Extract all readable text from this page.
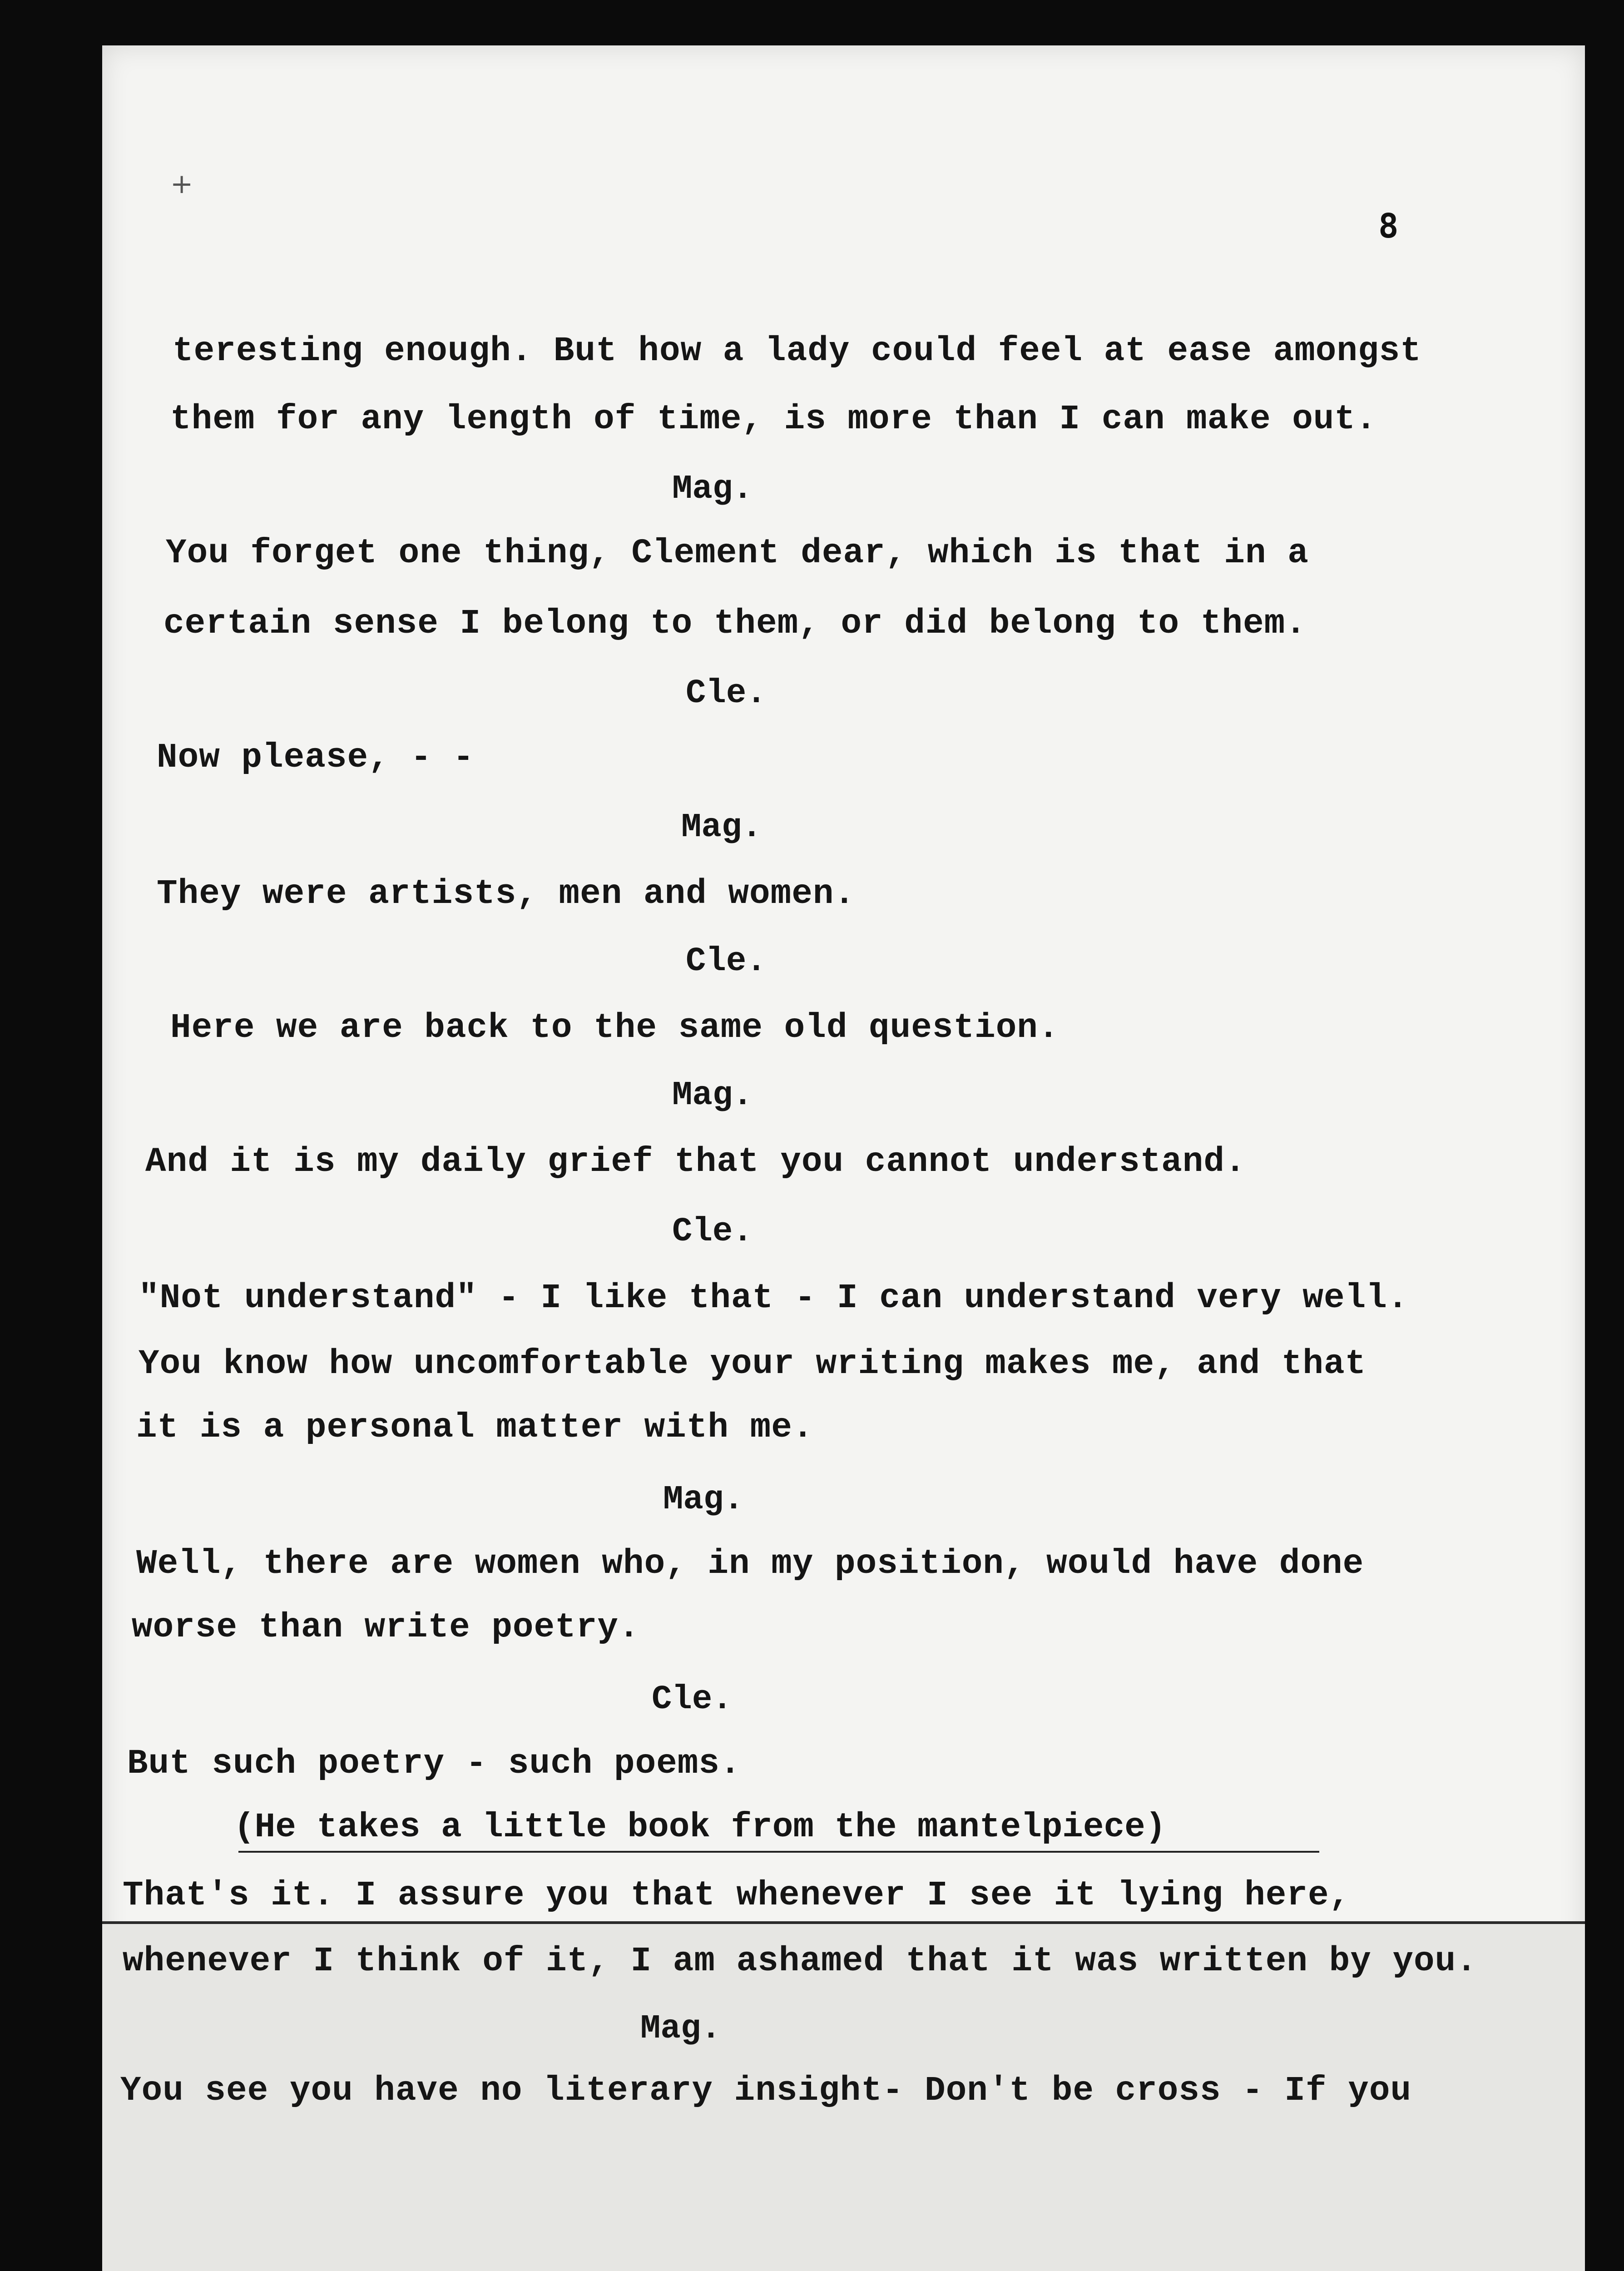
+
8
teresting enough. But how a lady could feel at ease amongst
them for any length of time, is more than I can make out.
Mag.
You forget one thing, Clement dear, which is that in a
certain sense I belong to them, or did belong to them.
Cle.
Now please, - -
Mag.
They were artists, men and women.
Cle.
Here we are back to the same old question.
Mag.
And it is my daily grief that you cannot understand.
Cle.
"Not understand" - I like that - I can understand very well.
You know how uncomfortable your writing makes me, and that
it is a personal matter with me.
Mag.
Well, there are women who, in my position, would have done
worse than write poetry.
Cle.
But such poetry - such poems.
(He takes a little book from the mantelpiece)
That's it. I assure you that whenever I see it lying here,
whenever I think of it, I am ashamed that it was written by you.
Mag.
You see you have no literary insight- Don't be cross - If you
